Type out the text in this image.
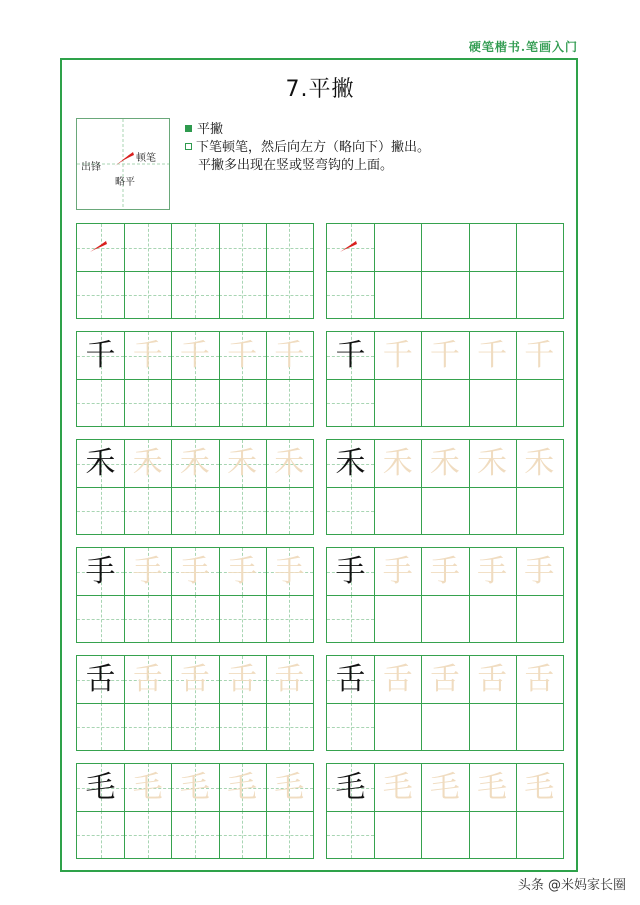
硬笔楷书.笔画入门
7.平撇
出锋
顿笔
略平
平撇
下笔顿笔，然后向左方（略向下）撇出。
平撇多出现在竖或竖弯钩的上面。
千 千 千 千 千
禾 禾 禾 禾 禾
手 手 手 手 手
舌 舌 舌 舌 舌
毛 毛 毛 毛 毛
千 千 千 千 千
禾 禾 禾 禾 禾
手 手 手 手 手
舌 舌 舌 舌 舌
毛 毛 毛 毛 毛
头条 @米妈家长圈
